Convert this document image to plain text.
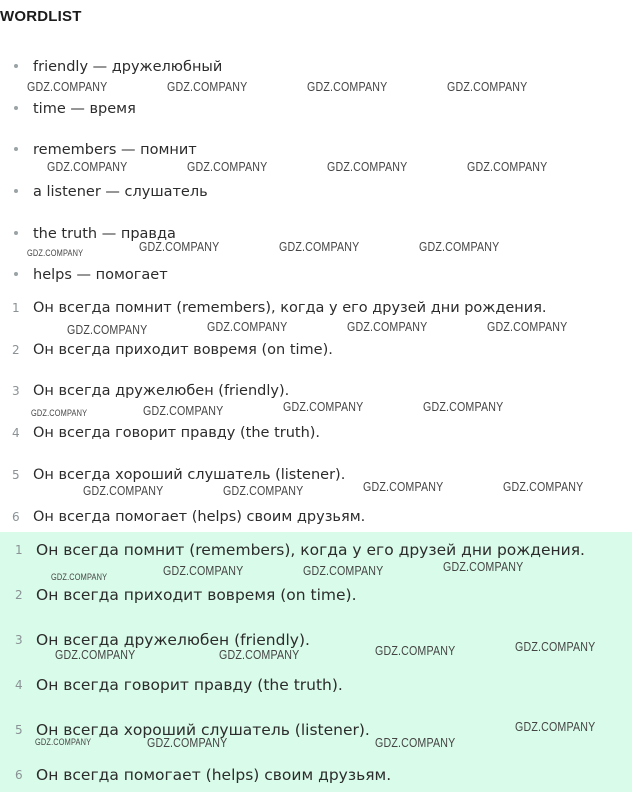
WORDLIST
friendly — дружелюбный
time — время
remembers — помнит
a listener — слушатель
the truth — правда
helps — помогает
1 Он всегда помнит (remembers), когда у его друзей дни рождения.
2 Он всегда приходит вовремя (on time).
3 Он всегда дружелюбен (friendly).
4 Он всегда говорит правду (the truth).
5 Он всегда хороший слушатель (listener).
6 Он всегда помогает (helps) своим друзьям.
1 Он всегда помнит (remembers), когда у его друзей дни рождения.
2 Он всегда приходит вовремя (on time).
3 Он всегда дружелюбен (friendly).
4 Он всегда говорит правду (the truth).
5 Он всегда хороший слушатель (listener).
6 Он всегда помогает (helps) своим друзьям.
GDZ.COMPANY	GDZ.COMPANY	GDZ.COMPANY	GDZ.COMPANY
GDZ.COMPANY	GDZ.COMPANY	GDZ.COMPANY	GDZ.COMPANY
GDZ.COMPANY	GDZ.COMPANY	GDZ.COMPANY	GDZ.COMPANY
GDZ.COMPANY	GDZ.COMPANY	GDZ.COMPANY	GDZ.COMPANY
GDZ.COMPANY	GDZ.COMPANY	GDZ.COMPANY	GDZ.COMPANY
GDZ.COMPANY	GDZ.COMPANY	GDZ.COMPANY	GDZ.COMPANY
GDZ.COMPANY	GDZ.COMPANY	GDZ.COMPANY	GDZ.COMPANY
GDZ.COMPANY	GDZ.COMPANY	GDZ.COMPANY	GDZ.COMPANY
GDZ.COMPANY	GDZ.COMPANY	GDZ.COMPANY
GDZ.COMPANY
